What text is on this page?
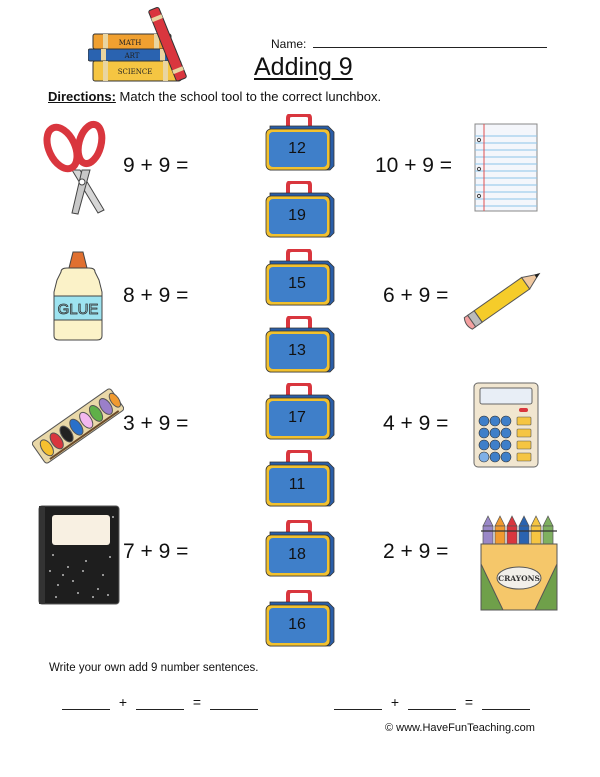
MATH
ART
SCIENCE
Name:
Adding 9
Directions: Match the school tool to the correct lunchbox.
9 + 9 =
GLUE
8 + 9 =
3 + 9 =
7 + 9 =
10 + 9 =
6 + 9 =
4 + 9 =
2 + 9 =
CRAYONS
12
19
15
13
17
11
18
16
Write your own add 9 number sentences.
+	=	+	=
© www.HaveFunTeaching.com
